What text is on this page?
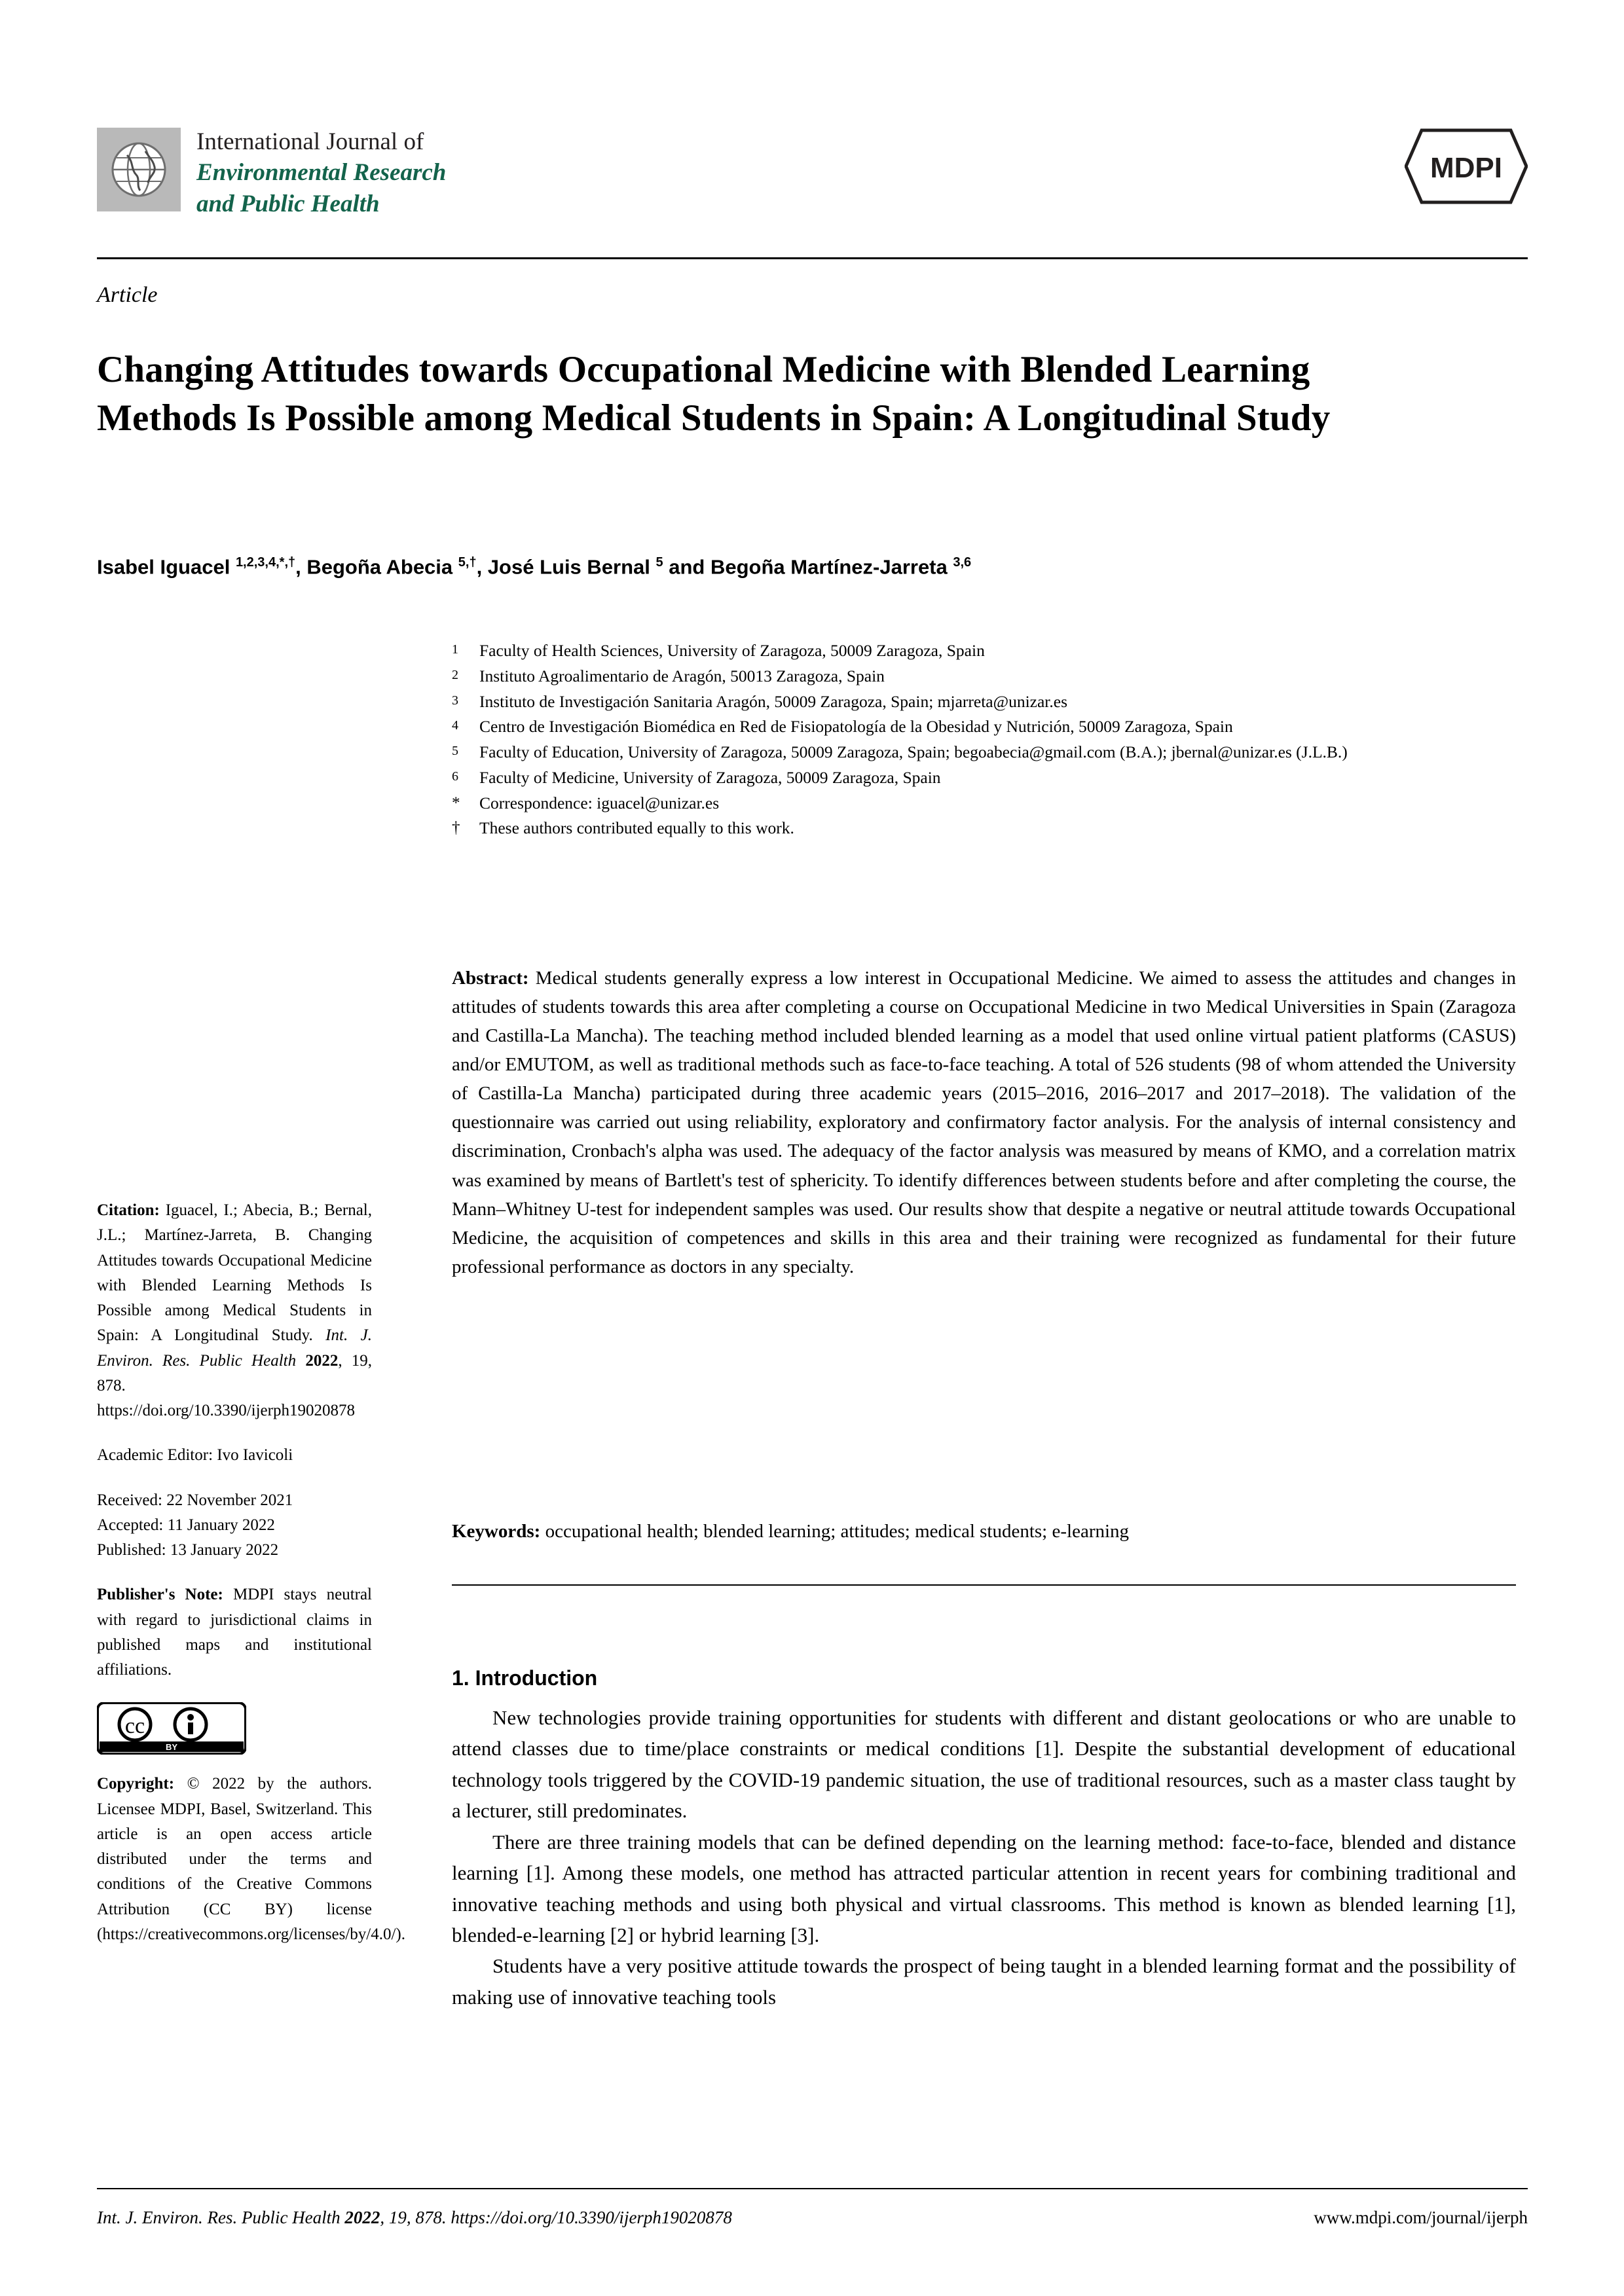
International Journal of
Environmental Research
and Public Health
MDPI
Article
Changing Attitudes towards Occupational Medicine with Blended Learning Methods Is Possible among Medical Students in Spain: A Longitudinal Study
Isabel Iguacel $^{1,2,3,4,*,\dagger}$, Begoña Abecia $^{5,\dagger}$, José Luis Bernal $^5$ and Begoña Martínez-Jarreta $^{3,6}$
1	Faculty of Health Sciences, University of Zaragoza, 50009 Zaragoza, Spain
2	Instituto Agroalimentario de Aragón, 50013 Zaragoza, Spain
3	Instituto de Investigación Sanitaria Aragón, 50009 Zaragoza, Spain; mjarreta@unizar.es
4	Centro de Investigación Biomédica en Red de Fisiopatología de la Obesidad y Nutrición, 50009 Zaragoza, Spain
5	Faculty of Education, University of Zaragoza, 50009 Zaragoza, Spain; begoabecia@gmail.com (B.A.); jbernal@unizar.es (J.L.B.)
6	Faculty of Medicine, University of Zaragoza, 50009 Zaragoza, Spain
*	Correspondence: iguacel@unizar.es
†	These authors contributed equally to this work.
Abstract: Medical students generally express a low interest in Occupational Medicine. We aimed to assess the attitudes and changes in attitudes of students towards this area after completing a course on Occupational Medicine in two Medical Universities in Spain (Zaragoza and Castilla-La Mancha). The teaching method included blended learning as a model that used online virtual patient platforms (CASUS) and/or EMUTOM, as well as traditional methods such as face-to-face teaching. A total of 526 students (98 of whom attended the University of Castilla-La Mancha) participated during three academic years (2015–2016, 2016–2017 and 2017–2018). The validation of the questionnaire was carried out using reliability, exploratory and confirmatory factor analysis. For the analysis of internal consistency and discrimination, Cronbach's alpha was used. The adequacy of the factor analysis was measured by means of KMO, and a correlation matrix was examined by means of Bartlett's test of sphericity. To identify differences between students before and after completing the course, the Mann–Whitney U-test for independent samples was used. Our results show that despite a negative or neutral attitude towards Occupational Medicine, the acquisition of competences and skills in this area and their training were recognized as fundamental for their future professional performance as doctors in any specialty.
Keywords: occupational health; blended learning; attitudes; medical students; e-learning
1. Introduction

New technologies provide training opportunities for students with different and distant geolocations or who are unable to attend classes due to time/place constraints or medical conditions [1]. Despite the substantial development of educational technology tools triggered by the COVID-19 pandemic situation, the use of traditional resources, such as a master class taught by a lecturer, still predominates.

There are three training models that can be defined depending on the learning method: face-to-face, blended and distance learning [1]. Among these models, one method has attracted particular attention in recent years for combining traditional and innovative teaching methods and using both physical and virtual classrooms. This method is known as blended learning [1], blended-e-learning [2] or hybrid learning [3].

Students have a very positive attitude towards the prospect of being taught in a blended learning format and the possibility of making use of innovative teaching tools

Citation: Iguacel, I.; Abecia, B.; Bernal, J.L.; Martínez-Jarreta, B. Changing Attitudes towards Occupational Medicine with Blended Learning Methods Is Possible among Medical Students in Spain: A Longitudinal Study. Int. J. Environ. Res. Public Health 2022, 19, 878. https://doi.org/10.3390/ijerph19020878
Academic Editor: Ivo Iavicoli
Received: 22 November 2021
Accepted: 11 January 2022
Published: 13 January 2022
Publisher's Note: MDPI stays neutral with regard to jurisdictional claims in published maps and institutional affiliations.
cc
BY
Copyright: © 2022 by the authors. Licensee MDPI, Basel, Switzerland. This article is an open access article distributed under the terms and conditions of the Creative Commons Attribution (CC BY) license (https://creativecommons.org/licenses/by/4.0/).
Int. J. Environ. Res. Public Health 2022, 19, 878. https://doi.org/10.3390/ijerph19020878	www.mdpi.com/journal/ijerph
